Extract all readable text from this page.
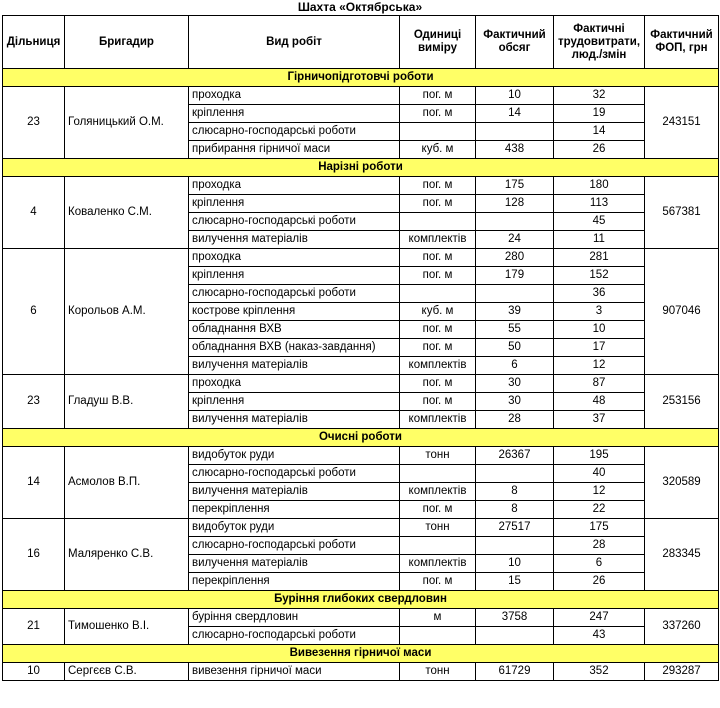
Шахта «Октябрська»
Дільниця	Бригадир	Вид робіт	Одиниці виміру	Фактичний обсяг	Фактичні трудовитрати, люд./змін	Фактичний ФОП, грн
Гірничопідготовчі роботи						
23	Голяницький О.М.	проходка	пог. м	10	32	243151
		кріплення	пог. м	14	19	
		слюсарно-господарські роботи			14	
		прибирання гірничої маси	куб. м	438	26	
Нарізні роботи						
4	Коваленко С.М.	проходка	пог. м	175	180	567381
		кріплення	пог. м	128	113	
		слюсарно-господарські роботи			45	
		вилучення матеріалів	комплектів	24	11	
6	Корольов А.М.	проходка	пог. м	280	281	907046
		кріплення	пог. м	179	152	
		слюсарно-господарські роботи			36	
		кострове кріплення	куб. м	39	3	
		обладнання ВХВ	пог. м	55	10	
		обладнання ВХВ (наказ-завдання)	пог. м	50	17	
		вилучення матеріалів	комплектів	6	12	
23	Гладуш В.В.	проходка	пог. м	30	87	253156
		кріплення	пог. м	30	48	
		вилучення матеріалів	комплектів	28	37	
Очисні роботи						
14	Асмолов В.П.	видобуток руди	тонн	26367	195	320589
		слюсарно-господарські роботи			40	
		вилучення матеріалів	комплектів	8	12	
		перекріплення	пог. м	8	22	
16	Маляренко С.В.	видобуток руди	тонн	27517	175	283345
		слюсарно-господарські роботи			28	
		вилучення матеріалів	комплектів	10	6	
		перекріплення	пог. м	15	26	
Буріння глибоких свердловин						
21	Тимошенко В.І.	буріння свердловин	м	3758	247	337260
		слюсарно-господарські роботи			43	
Вивезення гірничої маси						
10	Сергєєв С.В.	вивезення гірничої маси	тонн	61729	352	293287
